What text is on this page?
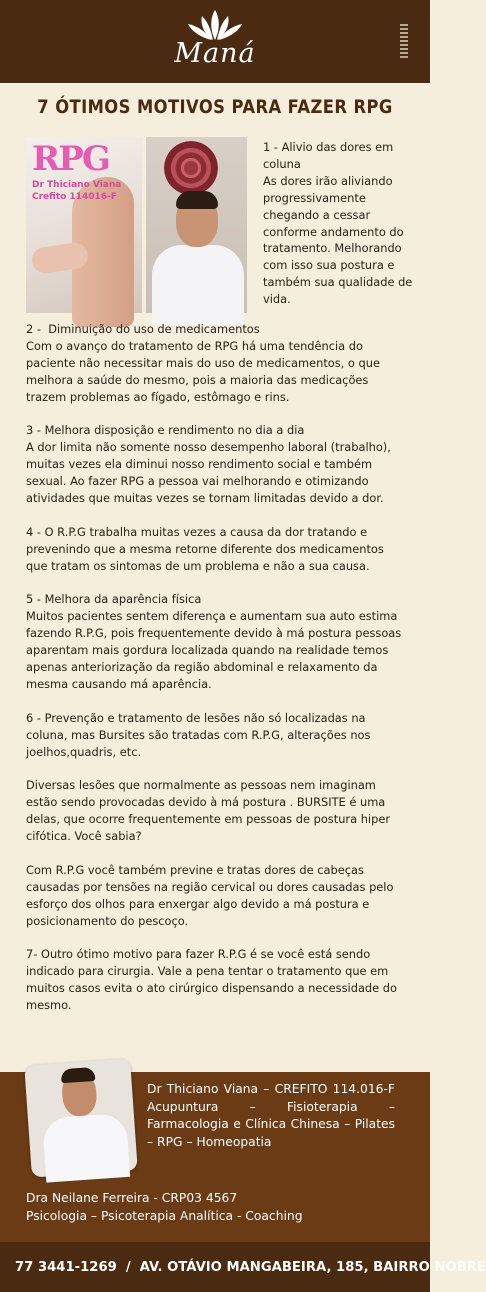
Maná
7 ÓTIMOS MOTIVOS PARA FAZER RPG
RPG
Dr Thiciano Viana
Crefito 114016-F
1 - Alivio das dores em coluna
As dores irão aliviando progressivamente chegando a cessar conforme andamento do tratamento. Melhorando com isso sua postura e também sua qualidade de vida.

2 -  Diminuição do uso de medicamentos
Com o avanço do tratamento de RPG há uma tendência do paciente não necessitar mais do uso de medicamentos, o que melhora a saúde do mesmo, pois a maioria das medicações trazem problemas ao fígado, estômago e rins.

3 - Melhora disposição e rendimento no dia a dia
A dor limita não somente nosso desempenho laboral (trabalho), muitas vezes ela diminui nosso rendimento social e também sexual. Ao fazer RPG a pessoa vai melhorando e otimizando atividades que muitas vezes se tornam limitadas devido a dor.

4 - O R.P.G trabalha muitas vezes a causa da dor tratando e prevenindo que a mesma retorne diferente dos medicamentos que tratam os sintomas de um problema e não a sua causa.

5 - Melhora da aparência física
Muitos pacientes sentem diferença e aumentam sua auto estima fazendo R.P.G, pois frequentemente devido à má postura pessoas aparentam mais gordura localizada quando na realidade temos apenas anteriorização da região abdominal e relaxamento da mesma causando má aparência.

6 - Prevenção e tratamento de lesões não só localizadas na coluna, mas Bursites são tratadas com R.P.G, alterações nos joelhos,quadris, etc.

Diversas lesões que normalmente as pessoas nem imaginam estão sendo provocadas devido à má postura . BURSITE é uma delas, que ocorre frequentemente em pessoas de postura hiper cifótica. Você sabia?

Com R.P.G você também previne e tratas dores de cabeças causadas por tensões na região cervical ou dores causadas pelo esforço dos olhos para enxergar algo devido a má postura e posicionamento do pescoço.

7- Outro ótimo motivo para fazer R.P.G é se você está sendo indicado para cirurgia. Vale a pena tentar o tratamento que em muitos casos evita o ato cirúrgico dispensando a necessidade do mesmo.

Dr Thiciano Viana – CREFITO 114.016-F Acupuntura – Fisioterapia – Farmacologia e Clínica Chinesa – Pilates – RPG – Homeopatia
Dra Neilane Ferreira - CRP03 4567
Psicologia – Psicoterapia Analítica - Coaching
77 3441-1269 / AV. OTÁVIO MANGABEIRA, 185, BAIRRO NOBRE
